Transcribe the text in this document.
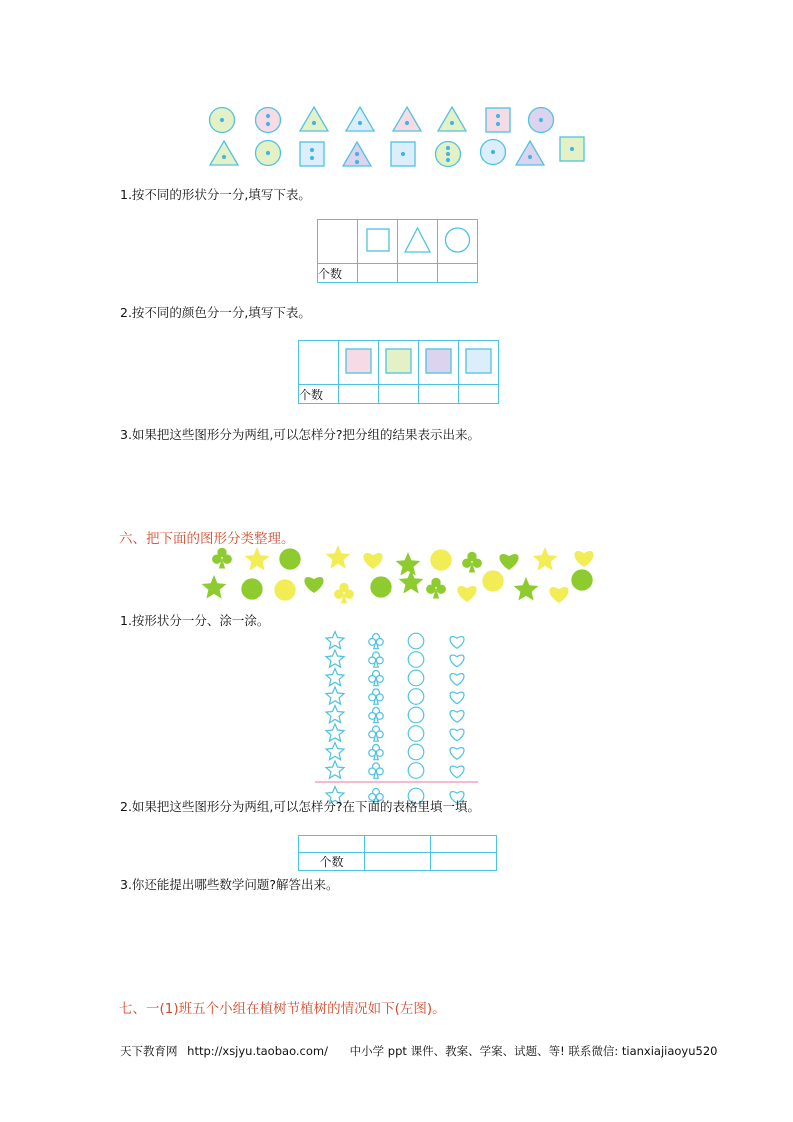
1.按不同的形状分一分,填写下表。

个数			
2.按不同的颜色分一分,填写下表。

个数				
3.如果把这些图形分为两组,可以怎样分?把分组的结果表示出来。
六、把下面的图形分类整理。
1.按形状分一分、涂一涂。
2.如果把这些图形分为两组,可以怎样分?在下面的表格里填一填。

个数		
3.你还能提出哪些数学问题?解答出来。
七、一(1)班五个小组在植树节植树的情况如下(左图)。
天下教育网 http://xsjyu.taobao.com/ 中小学 ppt 课件、教案、学案、试题、等! 联系微信: tianxiajiaoyu520
